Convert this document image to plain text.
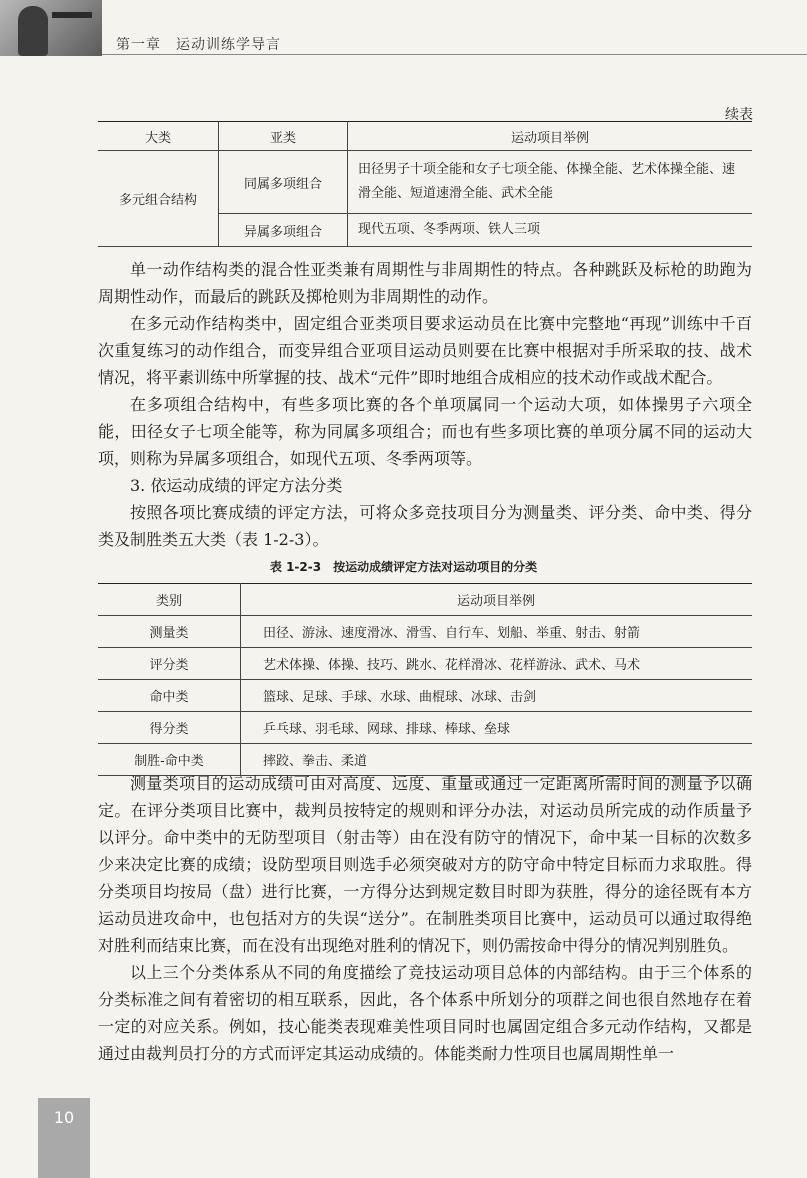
第一章　运动训练学导言
续表
大类	亚类	运动项目举例
多元组合结构	同属多项组合	田径男子十项全能和女子七项全能、体操全能、艺术体操全能、速滑全能、短道速滑全能、武术全能
	异属多项组合	现代五项、冬季两项、铁人三项

单一动作结构类的混合性亚类兼有周期性与非周期性的特点。各种跳跃及标枪的助跑为周期性动作，而最后的跳跃及掷枪则为非周期性的动作。

在多元动作结构类中，固定组合亚类项目要求运动员在比赛中完整地“再现”训练中千百次重复练习的动作组合，而变异组合亚项目运动员则要在比赛中根据对手所采取的技、战术情况，将平素训练中所掌握的技、战术“元件”即时地组合成相应的技术动作或战术配合。

在多项组合结构中，有些多项比赛的各个单项属同一个运动大项，如体操男子六项全能，田径女子七项全能等，称为同属多项组合；而也有些多项比赛的单项分属不同的运动大项，则称为异属多项组合，如现代五项、冬季两项等。

3. 依运动成绩的评定方法分类

按照各项比赛成绩的评定方法，可将众多竞技项目分为测量类、评分类、命中类、得分类及制胜类五大类（表 1-2-3）。

表 1-2-3　按运动成绩评定方法对运动项目的分类
类别	运动项目举例
测量类	田径、游泳、速度滑冰、滑雪、自行车、划船、举重、射击、射箭
评分类	艺术体操、体操、技巧、跳水、花样滑冰、花样游泳、武术、马术
命中类	篮球、足球、手球、水球、曲棍球、冰球、击剑
得分类	乒乓球、羽毛球、网球、排球、棒球、垒球
制胜-命中类	摔跤、拳击、柔道

测量类项目的运动成绩可由对高度、远度、重量或通过一定距离所需时间的测量予以确定。在评分类项目比赛中，裁判员按特定的规则和评分办法，对运动员所完成的动作质量予以评分。命中类中的无防型项目（射击等）由在没有防守的情况下，命中某一目标的次数多少来决定比赛的成绩；设防型项目则选手必须突破对方的防守命中特定目标而力求取胜。得分类项目均按局（盘）进行比赛，一方得分达到规定数目时即为获胜，得分的途径既有本方运动员进攻命中，也包括对方的失误“送分”。在制胜类项目比赛中，运动员可以通过取得绝对胜利而结束比赛，而在没有出现绝对胜利的情况下，则仍需按命中得分的情况判别胜负。

以上三个分类体系从不同的角度描绘了竞技运动项目总体的内部结构。由于三个体系的分类标准之间有着密切的相互联系，因此，各个体系中所划分的项群之间也很自然地存在着一定的对应关系。例如，技心能类表现难美性项目同时也属固定组合多元动作结构，又都是通过由裁判员打分的方式而评定其运动成绩的。体能类耐力性项目也属周期性单一

10
